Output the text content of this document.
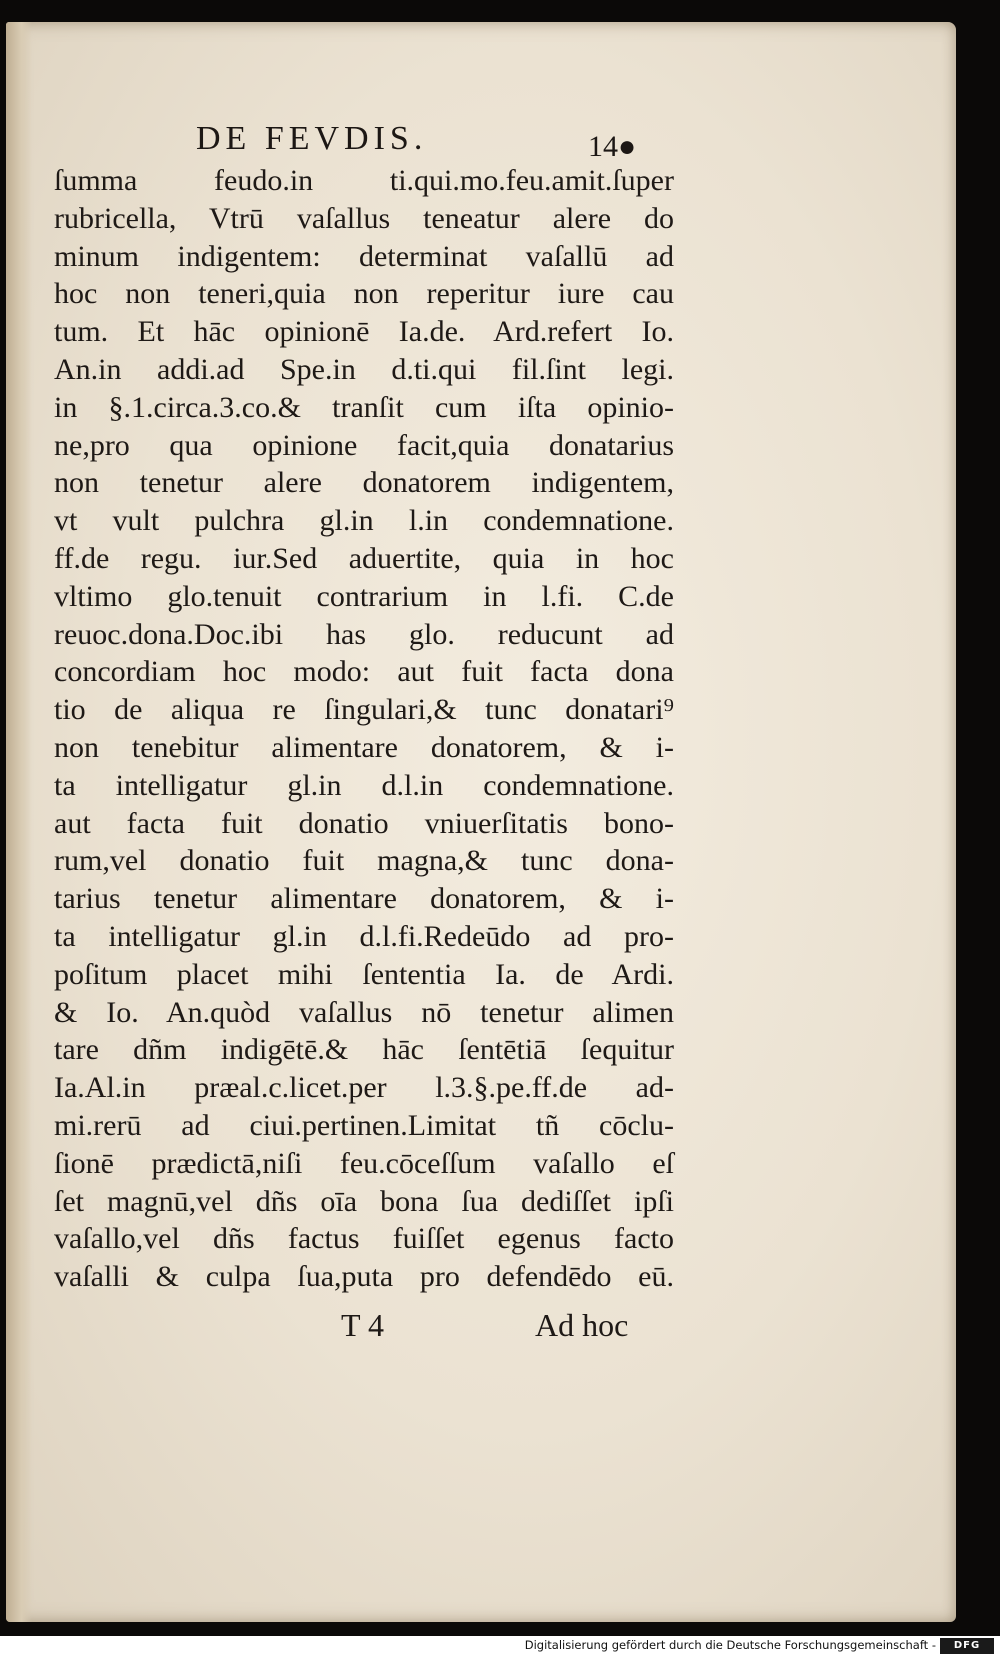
DE FEVDIS.	14●
ſumma feudo.in ti.qui.mo.feu.amit.ſuper
rubricella, Vtrū vaſallus teneatur alere do
minum indigentem: determinat vaſallū ad
hoc non teneri,quia non reperitur iure cau
tum. Et hāc opinionē Ia.de. Ard.refert Io.
An.in addi.ad Spe.in d.ti.qui fil.ſint legi.
in §.1.circa.3.co.& tranſit cum iſta opinio-
ne,pro qua opinione facit,quia donatarius
non tenetur alere donatorem indigentem,
vt vult pulchra gl.in l.in condemnatione.
ff.de regu. iur.Sed aduertite, quia in hoc
vltimo glo.tenuit contrarium in l.fi. C.de
reuoc.dona.Doc.ibi has glo. reducunt ad
concordiam hoc modo: aut fuit facta dona
tio de aliqua re ſingulari,& tunc donatari⁹
non tenebitur alimentare donatorem, & i-
ta intelligatur gl.in d.l.in condemnatione.
aut facta fuit donatio vniuerſitatis bono-
rum,vel donatio fuit magna,& tunc dona-
tarius tenetur alimentare donatorem, & i-
ta intelligatur gl.in d.l.fi.Redeūdo ad pro-
poſitum placet mihi ſententia Ia. de Ardi.
& Io. An.quòd vaſallus nō tenetur alimen
tare dñm indigētē.& hāc ſentētiā ſequitur
Ia.Al.in præal.c.licet.per l.3.§.pe.ff.de ad-
mi.rerū ad ciui.pertinen.Limitat tñ cōclu-
ſionē prædictā,niſi feu.cōceſſum vaſallo eſ
ſet magnū,vel dñs oīa bona ſua dediſſet ipſi
vaſallo,vel dñs factus fuiſſet egenus facto
vaſalli & culpa ſua,puta pro defendēdo eū.
T 4	Ad hoc
Digitalisierung gefördert durch die Deutsche Forschungsgemeinschaft -	DFG
